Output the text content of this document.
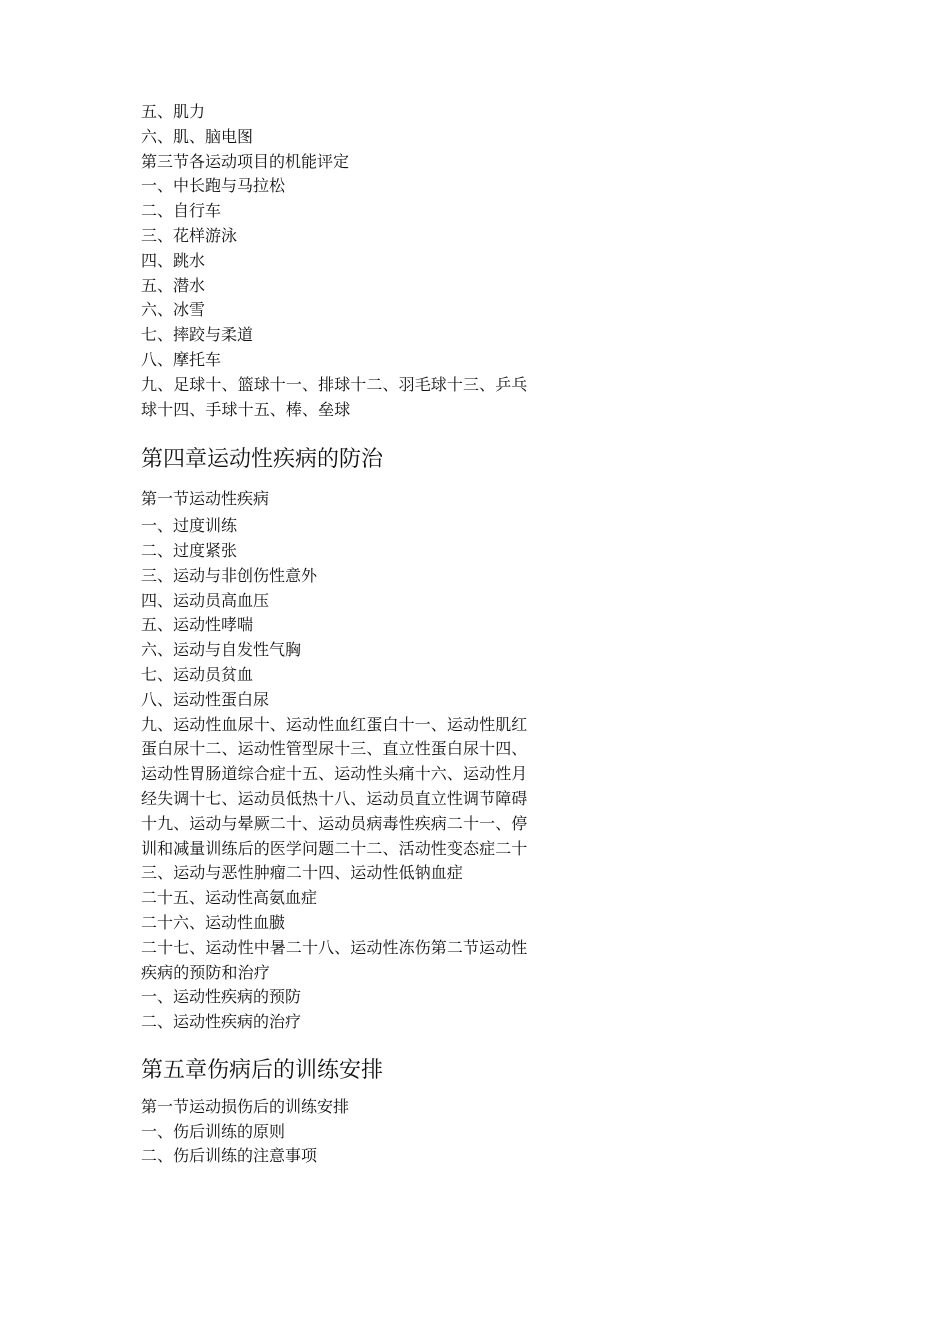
五、肌力

六、肌、脑电图

第三节各运动项目的机能评定

一、中长跑与马拉松

二、自行车

三、花样游泳

四、跳水

五、潜水

六、冰雪

七、摔跤与柔道

八、摩托车

九、足球十、篮球十一、排球十二、羽毛球十三、乒乓球十四、手球十五、棒、垒球

第四章运动性疾病的防治

第一节运动性疾病

一、过度训练

二、过度紧张

三、运动与非创伤性意外

四、运动员高血压

五、运动性哮喘

六、运动与自发性气胸

七、运动员贫血

八、运动性蛋白尿

九、运动性血尿十、运动性血红蛋白十一、运动性肌红蛋白尿十二、运动性管型尿十三、直立性蛋白尿十四、运动性胃肠道综合症十五、运动性头痛十六、运动性月经失调十七、运动员低热十八、运动员直立性调节障碍十九、运动与晕厥二十、运动员病毒性疾病二十一、停训和减量训练后的医学问题二十二、活动性变态症二十三、运动与恶性肿瘤二十四、运动性低钠血症

二十五、运动性高氨血症

二十六、运动性血臌

二十七、运动性中暑二十八、运动性冻伤第二节运动性疾病的预防和治疗

一、运动性疾病的预防

二、运动性疾病的治疗

第五章伤病后的训练安排

第一节运动损伤后的训练安排

一、伤后训练的原则

二、伤后训练的注意事项
